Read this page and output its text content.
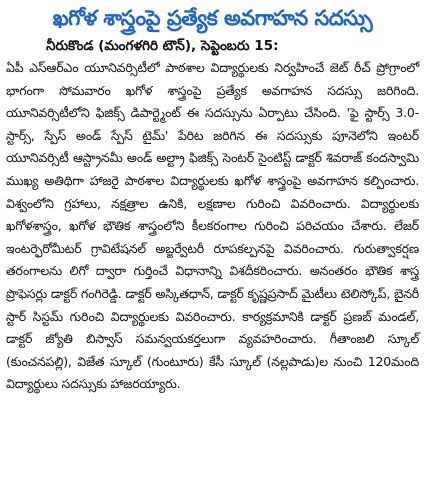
ఖగోళ శాస్త్రంపై ప్రత్యేక అవగాహన సదస్సు
నీరుకొండ (మంగళగిరి టౌన్), సెప్టెంబరు 15:

ఏపీ ఎస్ఆర్ఎం యూనివర్సిటీలో పాఠశాల విద్యార్థులకు నిర్వహించే జెట్ రీచ్ ప్రోగ్రాంలో భాగంగా సోమవారం ఖగోళ శాస్త్రంపై ప్రత్యేక అవగాహన సదస్సు జరిగింది. యూనివర్సిటీలోని ఫిజిక్స్ డిపార్ట్మెంట్ ఈ సదస్సును ఏర్పాటు చేసింది. 'ఫై స్టార్స్ 3.0- స్టార్స్, స్పేస్ అండ్ స్పేస్ టైమ్' పేరిట జరిగిన ఈ సదస్సుకు పూనెలోని ఇంటర్ యూనివర్సిటీ ఆస్ట్రానమీ అండ్ అల్ట్రా ఫిజిక్స్ సెంటర్ సైంటిస్ట్ డాక్టర్ శివరాజ్ కందస్వామి ముఖ్య అతిథిగా హాజరై పాఠశాల విద్యార్థులకు ఖగోళ శాస్త్రంపై అవగాహన కల్పించారు. విశ్వంలోని గ్రహాలు, నక్షత్రాల ఉనికి, లక్షణాల గురించి వివరించారు. విద్యార్థులకు ఖగోళశాస్త్రం, ఖగోళ భౌతిక శాస్త్రంలోని కీలకరంగాల గురించి పరిచయం చేశారు. లేజర్ ఇంటర్ఫెరోమీటర్ గ్రావిటేషనల్ అబ్జర్వేటరీ రూపకల్పనపై వివరించారు. గురుత్వాకర్షణ తరంగాలను లిగో ద్వారా గుర్తించే విధానాన్ని విశదీకరించారు. అనంతరం భౌతిక శాస్త్ర ప్రొఫెసర్లు డాక్టర్ గంగిరెడ్డి. డాక్టర్ అస్కితధాన్, డాక్టర్ కృష్ణప్రసాద్ మైటీలు టెలిస్కోప్, బైనరీ స్టార్ సిస్టమ్ గురించి విద్యార్థులకు వివరించారు. కార్యక్రమానికి డాక్టర్ ప్రణబ్ మండల్, డాక్టర్ జ్యోతి బిస్వాస్ సమన్వయకర్తలుగా వ్యవహరించారు. గీతాంజలి స్కూల్ (కుంచనపల్లి), విజేత స్కూల్ (గుంటూరు) కేసీ స్కూల్ (నల్లపాడు)ల నుంచి 120మంది విద్యార్థులు సదస్సుకు హాజరయ్యారు.
